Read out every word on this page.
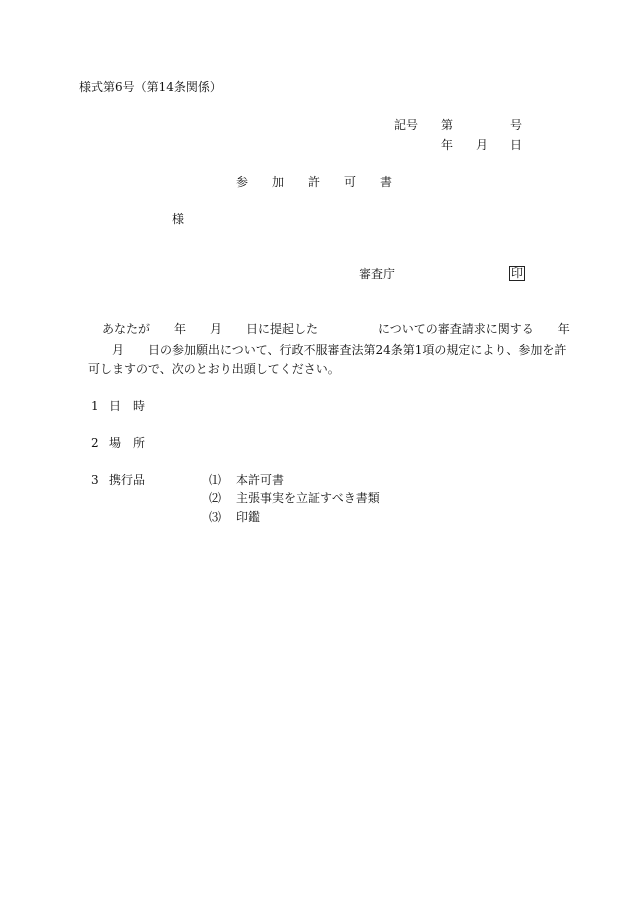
様式第6号（第14条関係）
記号 第	号
年 月 日
参　　加　　許　　可　　書
様
審査庁	印
あなたが　　年　　月　　日に提起した　　　　　についての審査請求に関する　　年
　　月　　日の参加願出について、行政不服審査法第24条第1項の規定により、参加を許
可しますので、次のとおり出頭してください。
1 日　時
2 場　所
3 携行品	⑴ 本許可書
⑵ 主張事実を立証すべき書類
⑶ 印鑑
